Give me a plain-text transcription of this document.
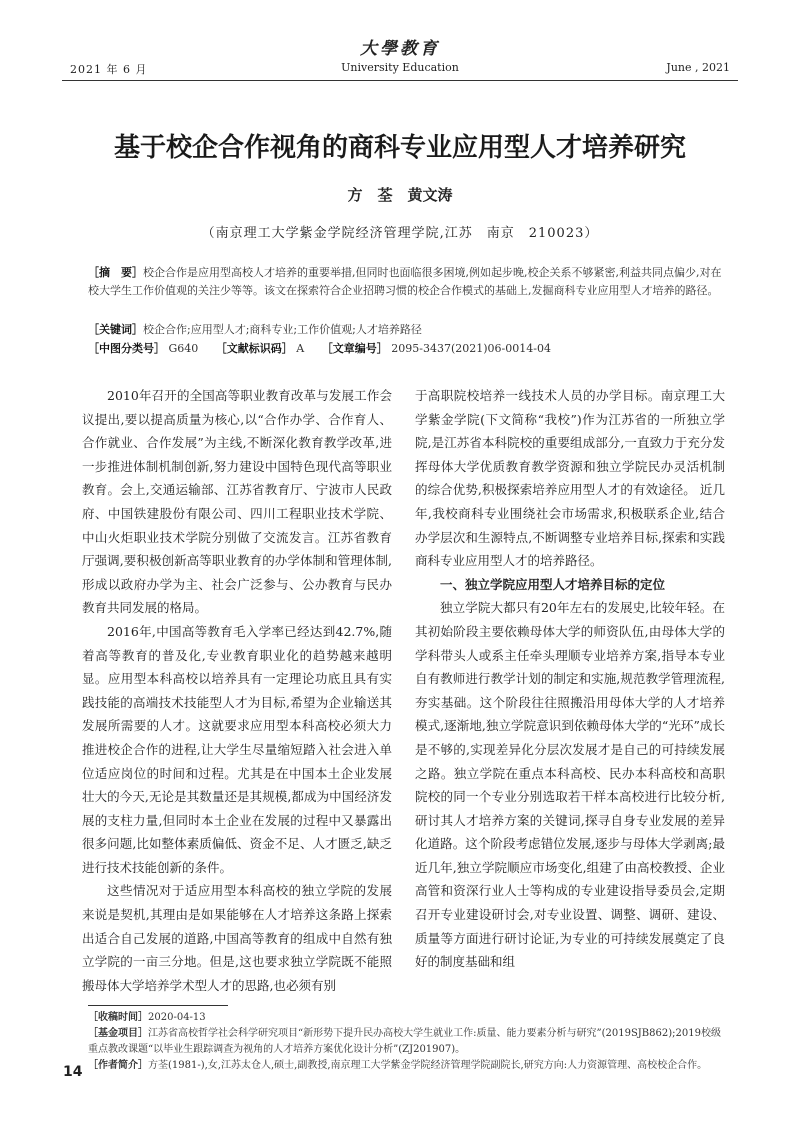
大學教育
2021 年 6 月	University Education	June , 2021
基于校企合作视角的商科专业应用型人才培养研究
方　荃　黄文涛
（南京理工大学紫金学院经济管理学院,江苏　南京　210023）
［摘　要］校企合作是应用型高校人才培养的重要举措,但同时也面临很多困境,例如起步晚,校企关系不够紧密,利益共同点偏少,对在校大学生工作价值观的关注少等等。该文在探索符合企业招聘习惯的校企合作模式的基础上,发掘商科专业应用型人才培养的路径。
［关键词］校企合作;应用型人才;商科专业;工作价值观;人才培养路径
［中图分类号］ G640 ［文献标识码］ A ［文章编号］ 2095-3437(2021)06-0014-04

2010年召开的全国高等职业教育改革与发展工作会议提出,要以提高质量为核心,以“合作办学、合作育人、合作就业、合作发展”为主线,不断深化教育教学改革,进一步推进体制机制创新,努力建设中国特色现代高等职业教育。会上,交通运输部、江苏省教育厅、宁波市人民政府、中国铁建股份有限公司、四川工程职业技术学院、中山火炬职业技术学院分别做了交流发言。江苏省教育厅强调,要积极创新高等职业教育的办学体制和管理体制,形成以政府办学为主、社会广泛参与、公办教育与民办教育共同发展的格局。

2016年,中国高等教育毛入学率已经达到42.7%,随着高等教育的普及化,专业教育职业化的趋势越来越明显。应用型本科高校以培养具有一定理论功底且具有实践技能的高端技术技能型人才为目标,希望为企业输送其发展所需要的人才。这就要求应用型本科高校必须大力推进校企合作的进程,让大学生尽量缩短踏入社会进入单位适应岗位的时间和过程。尤其是在中国本土企业发展壮大的今天,无论是其数量还是其规模,都成为中国经济发展的支柱力量,但同时本土企业在发展的过程中又暴露出很多问题,比如整体素质偏低、资金不足、人才匮乏,缺乏进行技术技能创新的条件。

这些情况对于适应用型本科高校的独立学院的发展来说是契机,其理由是如果能够在人才培养这条路上探索出适合自己发展的道路,中国高等教育的组成中自然有独立学院的一亩三分地。但是,这也要求独立学院既不能照搬母体大学培养学术型人才的思路,也必须有别

于高职院校培养一线技术人员的办学目标。南京理工大学紫金学院(下文简称“我校”)作为江苏省的一所独立学院,是江苏省本科院校的重要组成部分,一直致力于充分发挥母体大学优质教育教学资源和独立学院民办灵活机制的综合优势,积极探索培养应用型人才的有效途径。 近几年,我校商科专业围绕社会市场需求,积极联系企业,结合办学层次和生源特点,不断调整专业培养目标,探索和实践商科专业应用型人才的培养路径。

一、独立学院应用型人才培养目标的定位

独立学院大都只有20年左右的发展史,比较年轻。在其初始阶段主要依赖母体大学的师资队伍,由母体大学的学科带头人或系主任牵头理顺专业培养方案,指导本专业自有教师进行教学计划的制定和实施,规范教学管理流程,夯实基础。这个阶段往往照搬沿用母体大学的人才培养模式,逐渐地,独立学院意识到依赖母体大学的“光环”成长是不够的,实现差异化分层次发展才是自己的可持续发展之路。独立学院在重点本科高校、民办本科高校和高职院校的同一个专业分别选取若干样本高校进行比较分析,研讨其人才培养方案的关键词,探寻自身专业发展的差异化道路。这个阶段考虑错位发展,逐步与母体大学剥离;最近几年,独立学院顺应市场变化,组建了由高校教授、企业高管和资深行业人士等构成的专业建设指导委员会,定期召开专业建设研讨会,对专业设置、调整、调研、建设、质量等方面进行研讨论证,为专业的可持续发展奠定了良好的制度基础和组

［收稿时间］2020-04-13
［基金项目］江苏省高校哲学社会科学研究项目“新形势下提升民办高校大学生就业工作:质量、能力要素分析与研究”(2019SJB862);2019校级重点教改课题“以毕业生跟踪调查为视角的人才培养方案优化设计分析”(ZJ201907)。
［作者简介］方荃(1981-),女,江苏太仓人,硕士,副教授,南京理工大学紫金学院经济管理学院副院长,研究方向:人力资源管理、高校校企合作。
14
